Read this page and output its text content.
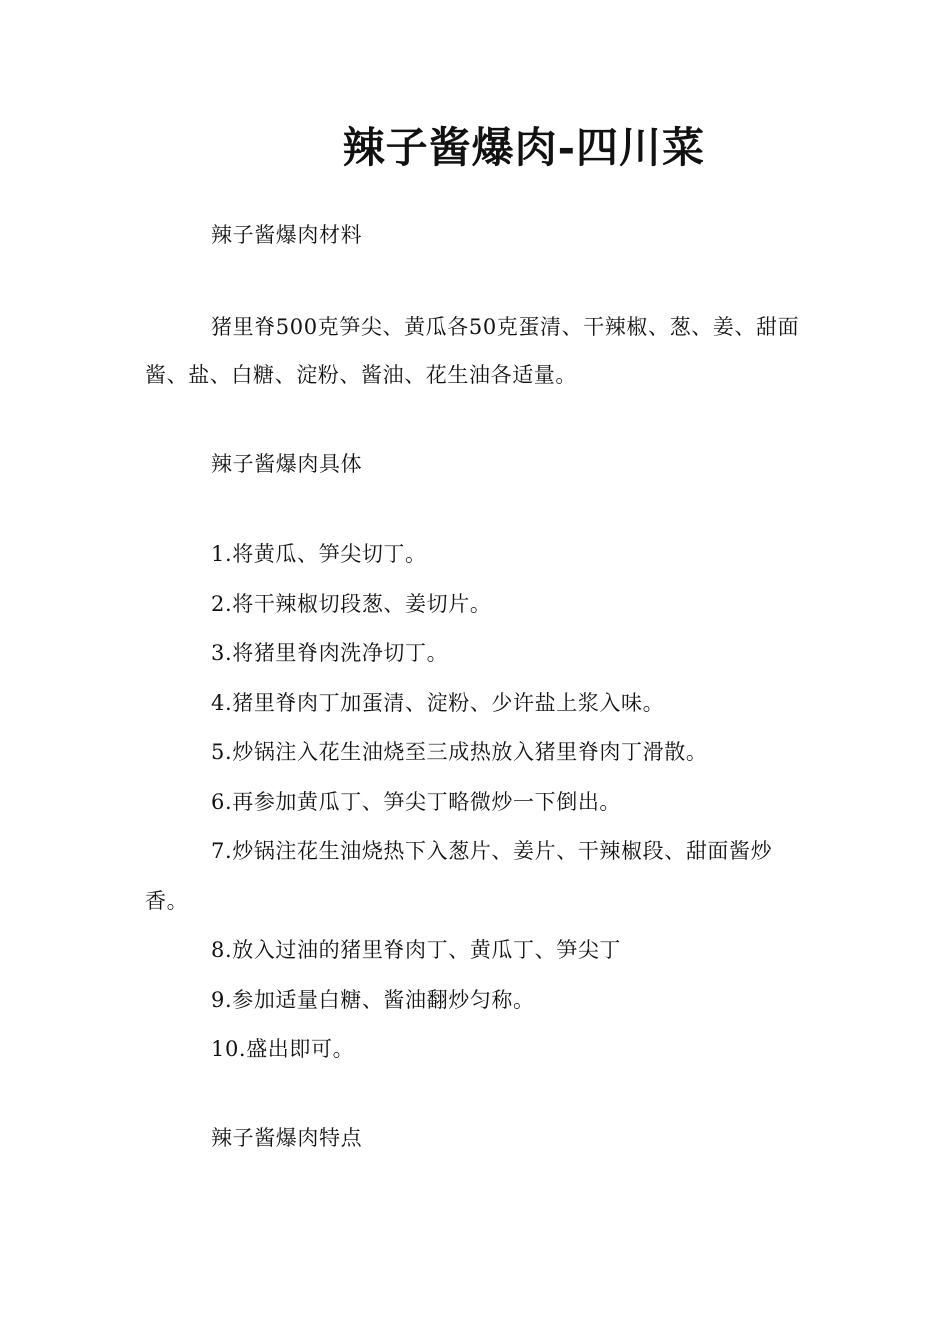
辣子酱爆肉-四川菜
辣子酱爆肉材料
猪里脊500克笋尖、黄瓜各50克蛋清、干辣椒、葱、姜、甜面酱、盐、白糖、淀粉、酱油、花生油各适量。
辣子酱爆肉具体
1.将黄瓜、笋尖切丁。
2.将干辣椒切段葱、姜切片。
3.将猪里脊肉洗净切丁。
4.猪里脊肉丁加蛋清、淀粉、少许盐上浆入味。
5.炒锅注入花生油烧至三成热放入猪里脊肉丁滑散。
6.再参加黄瓜丁、笋尖丁略微炒一下倒出。
7.炒锅注花生油烧热下入葱片、姜片、干辣椒段、甜面酱炒香。
8.放入过油的猪里脊肉丁、黄瓜丁、笋尖丁
9.参加适量白糖、酱油翻炒匀称。
10.盛出即可。
辣子酱爆肉特点
